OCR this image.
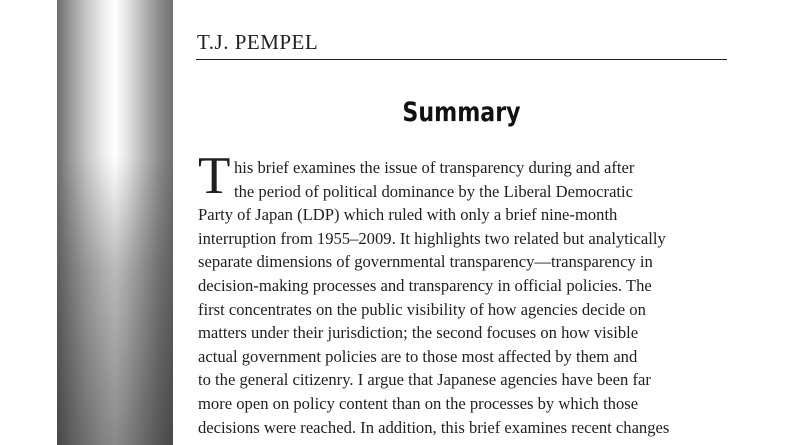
T.J. PEMPEL
Summary
T his brief examines the issue of transparency during and after
the period of political dominance by the Liberal Democratic
Party of Japan (LDP) which ruled with only a brief nine-month
interruption from 1955–2009. It highlights two related but analytically
separate dimensions of governmental transparency—transparency in
decision-making processes and transparency in official policies. The
first concentrates on the public visibility of how agencies decide on
matters under their jurisdiction; the second focuses on how visible
actual government policies are to those most affected by them and
to the general citizenry. I argue that Japanese agencies have been far
more open on policy content than on the processes by which those
decisions were reached. In addition, this brief examines recent changes
